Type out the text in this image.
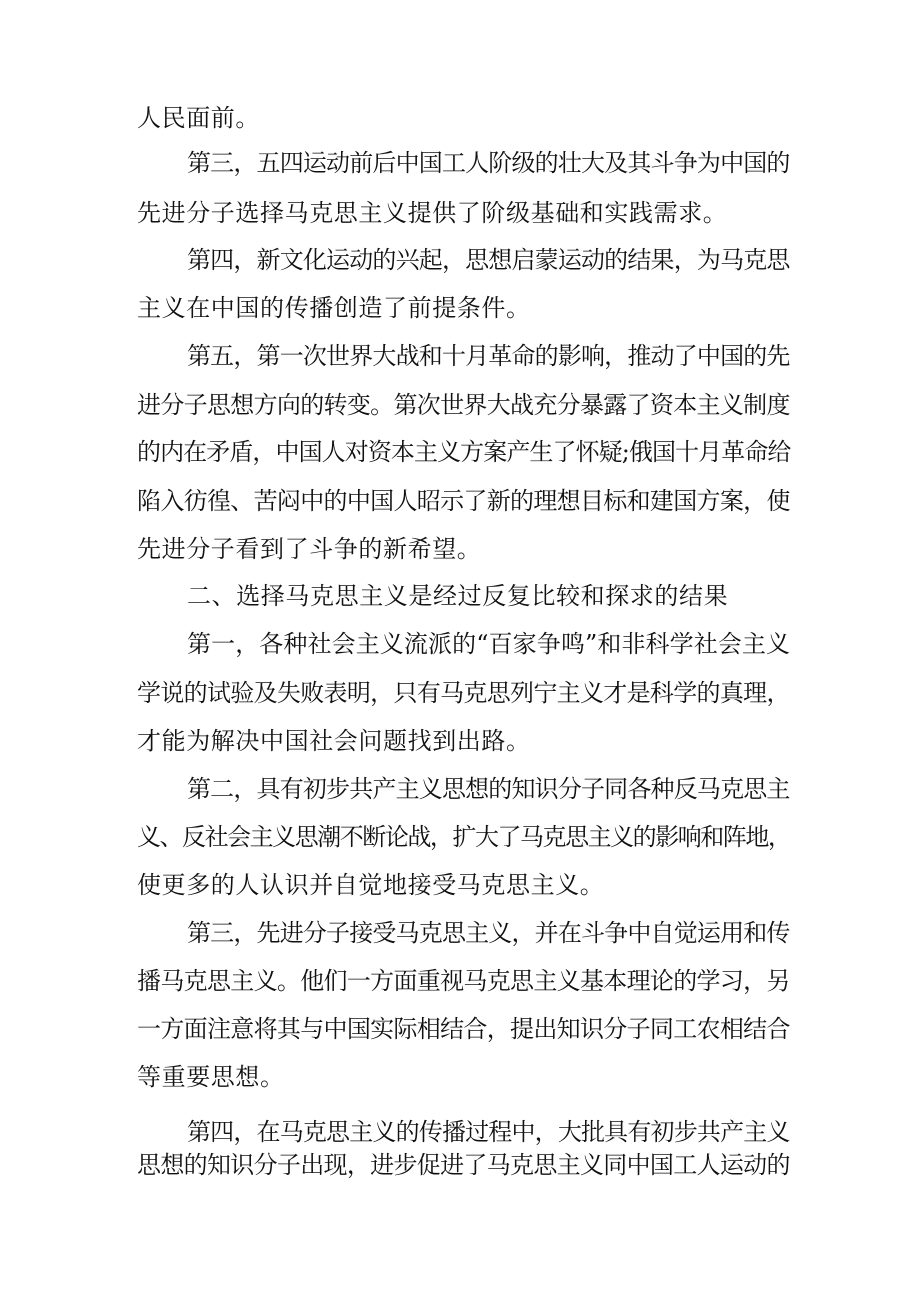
人民面前。

第三，五四运动前后中国工人阶级的壮大及其斗争为中国的

先进分子选择马克思主义提供了阶级基础和实践需求。

第四，新文化运动的兴起，思想启蒙运动的结果，为马克思

主义在中国的传播创造了前提条件。

第五，第一次世界大战和十月革命的影响，推动了中国的先

进分子思想方向的转变。第次世界大战充分暴露了资本主义制度

的内在矛盾，中国人对资本主义方案产生了怀疑;俄国十月革命给

陷入彷徨、苦闷中的中国人昭示了新的理想目标和建国方案，使

先进分子看到了斗争的新希望。

二、选择马克思主义是经过反复比较和探求的结果

第一，各种社会主义流派的“百家争鸣”和非科学社会主义

学说的试验及失败表明，只有马克思列宁主义才是科学的真理，

才能为解决中国社会问题找到出路。

第二，具有初步共产主义思想的知识分子同各种反马克思主

义、反社会主义思潮不断论战，扩大了马克思主义的影响和阵地，

使更多的人认识并自觉地接受马克思主义。

第三，先进分子接受马克思主义，并在斗争中自觉运用和传

播马克思主义。他们一方面重视马克思主义基本理论的学习，另

一方面注意将其与中国实际相结合，提出知识分子同工农相结合

等重要思想。

第四，在马克思主义的传播过程中，大批具有初步共产主义

思想的知识分子出现，进步促进了马克思主义同中国工人运动的
